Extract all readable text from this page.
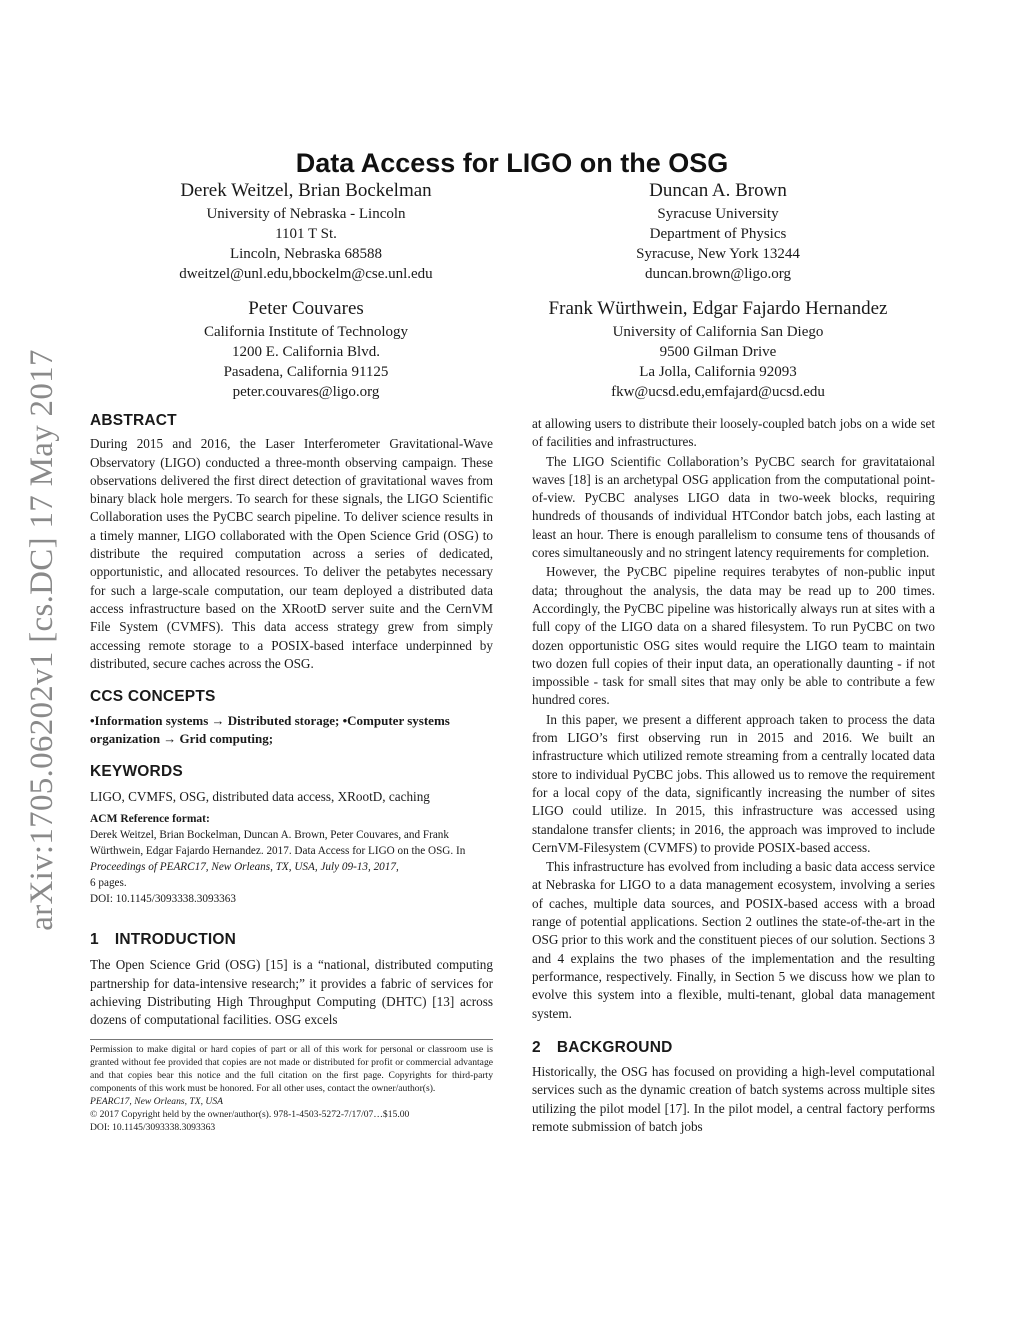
arXiv:1705.06202v1 [cs.DC] 17 May 2017
Data Access for LIGO on the OSG
Derek Weitzel, Brian Bockelman
University of Nebraska - Lincoln
1101 T St.
Lincoln, Nebraska 68588
dweitzel@unl.edu,bbockelm@cse.unl.edu
Duncan A. Brown
Syracuse University
Department of Physics
Syracuse, New York 13244
duncan.brown@ligo.org
Peter Couvares
California Institute of Technology
1200 E. California Blvd.
Pasadena, California 91125
peter.couvares@ligo.org
Frank Würthwein, Edgar Fajardo Hernandez
University of California San Diego
9500 Gilman Drive
La Jolla, California 92093
fkw@ucsd.edu,emfajard@ucsd.edu
ABSTRACT

During 2015 and 2016, the Laser Interferometer Gravitational-Wave Observatory (LIGO) conducted a three-month observing campaign. These observations delivered the first direct detection of gravitational waves from binary black hole mergers. To search for these signals, the LIGO Scientific Collaboration uses the PyCBC search pipeline. To deliver science results in a timely manner, LIGO collaborated with the Open Science Grid (OSG) to distribute the required computation across a series of dedicated, opportunistic, and allocated resources. To deliver the petabytes necessary for such a large-scale computation, our team deployed a distributed data access infrastructure based on the XRootD server suite and the CernVM File System (CVMFS). This data access strategy grew from simply accessing remote storage to a POSIX-based interface underpinned by distributed, secure caches across the OSG.

CCS CONCEPTS

•Information systems → Distributed storage; •Computer systems organization → Grid computing;

KEYWORDS

LIGO, CVMFS, OSG, distributed data access, XRootD, caching

ACM Reference format:

Derek Weitzel, Brian Bockelman, Duncan A. Brown, Peter Couvares, and Frank Würthwein, Edgar Fajardo Hernandez. 2017. Data Access for LIGO on the OSG. In Proceedings of PEARC17, New Orleans, TX, USA, July 09-13, 2017,

6 pages.

DOI: 10.1145/3093338.3093363

1 INTRODUCTION

The Open Science Grid (OSG) [15] is a “national, distributed computing partnership for data-intensive research;” it provides a fabric of services for achieving Distributing High Throughput Computing (DHTC) [13] across dozens of computational facilities. OSG excels

Permission to make digital or hard copies of part or all of this work for personal or classroom use is granted without fee provided that copies are not made or distributed for profit or commercial advantage and that copies bear this notice and the full citation on the first page. Copyrights for third-party components of this work must be honored. For all other uses, contact the owner/author(s).
PEARC17, New Orleans, TX, USA
© 2017 Copyright held by the owner/author(s). 978-1-4503-5272-7/17/07…$15.00
DOI: 10.1145/3093338.3093363

at allowing users to distribute their loosely-coupled batch jobs on a wide set of facilities and infrastructures.

The LIGO Scientific Collaboration’s PyCBC search for gravitataional waves [18] is an archetypal OSG application from the computational point-of-view. PyCBC analyses LIGO data in two-week blocks, requiring hundreds of thousands of individual HTCondor batch jobs, each lasting at least an hour. There is enough parallelism to consume tens of thousands of cores simultaneously and no stringent latency requirements for completion.

However, the PyCBC pipeline requires terabytes of non-public input data; throughout the analysis, the data may be read up to 200 times. Accordingly, the PyCBC pipeline was historically always run at sites with a full copy of the LIGO data on a shared filesystem. To run PyCBC on two dozen opportunistic OSG sites would require the LIGO team to maintain two dozen full copies of their input data, an operationally daunting - if not impossible - task for small sites that may only be able to contribute a few hundred cores.

In this paper, we present a different approach taken to process the data from LIGO’s first observing run in 2015 and 2016. We built an infrastructure which utilized remote streaming from a centrally located data store to individual PyCBC jobs. This allowed us to remove the requirement for a local copy of the data, significantly increasing the number of sites LIGO could utilize. In 2015, this infrastructure was accessed using standalone transfer clients; in 2016, the approach was improved to include CernVM-Filesystem (CVMFS) to provide POSIX-based access.

This infrastructure has evolved from including a basic data access service at Nebraska for LIGO to a data management ecosystem, involving a series of caches, multiple data sources, and POSIX-based access with a broad range of potential applications. Section 2 outlines the state-of-the-art in the OSG prior to this work and the constituent pieces of our solution. Sections 3 and 4 explains the two phases of the implementation and the resulting performance, respectively. Finally, in Section 5 we discuss how we plan to evolve this system into a flexible, multi-tenant, global data management system.

2 BACKGROUND

Historically, the OSG has focused on providing a high-level computational services such as the dynamic creation of batch systems across multiple sites utilizing the pilot model [17]. In the pilot model, a central factory performs remote submission of batch jobs
